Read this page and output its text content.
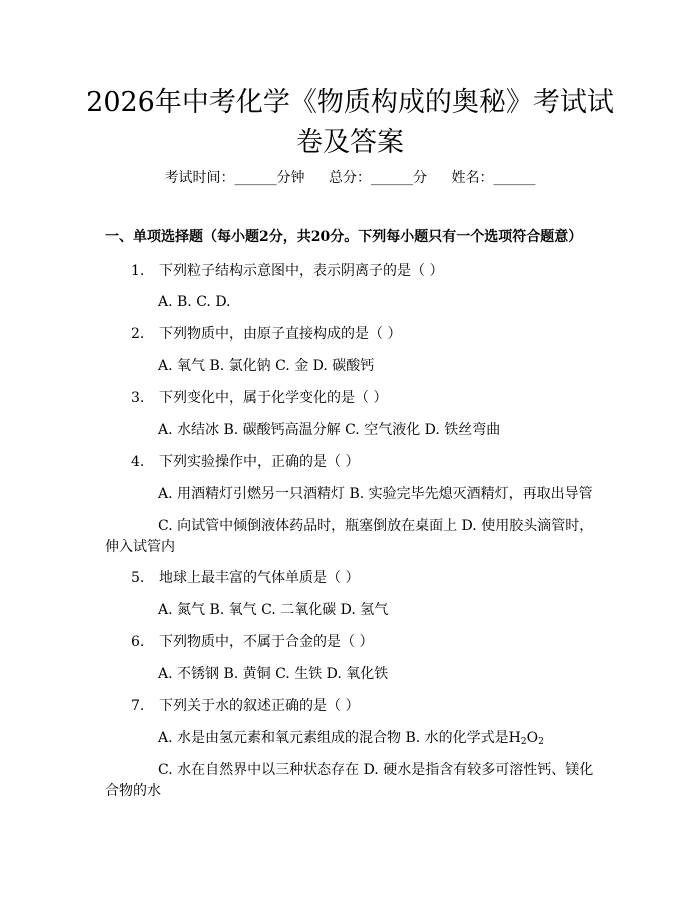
2026年中考化学《物质构成的奥秘》考试试卷及答案
考试时间：______分钟 总分：______分 姓名：______
一、单项选择题（每小题2分，共20分。下列每小题只有一个选项符合题意）
1. 下列粒子结构示意图中，表示阴离子的是（ ）
A. B. C. D.
2. 下列物质中，由原子直接构成的是（ ）
A. 氧气 B. 氯化钠 C. 金 D. 碳酸钙
3. 下列变化中，属于化学变化的是（ ）
A. 水结冰 B. 碳酸钙高温分解 C. 空气液化 D. 铁丝弯曲
4. 下列实验操作中，正确的是（ ）
A. 用酒精灯引燃另一只酒精灯 B. 实验完毕先熄灭酒精灯，再取出导管
C. 向试管中倾倒液体药品时，瓶塞倒放在桌面上 D. 使用胶头滴管时，
伸入试管内
5. 地球上最丰富的气体单质是（ ）
A. 氮气 B. 氧气 C. 二氧化碳 D. 氢气
6. 下列物质中，不属于合金的是（ ）
A. 不锈钢 B. 黄铜 C. 生铁 D. 氧化铁
7. 下列关于水的叙述正确的是（ ）
A. 水是由氢元素和氧元素组成的混合物 B. 水的化学式是$H_2O_2$
C. 水在自然界中以三种状态存在 D. 硬水是指含有较多可溶性钙、镁化
合物的水
